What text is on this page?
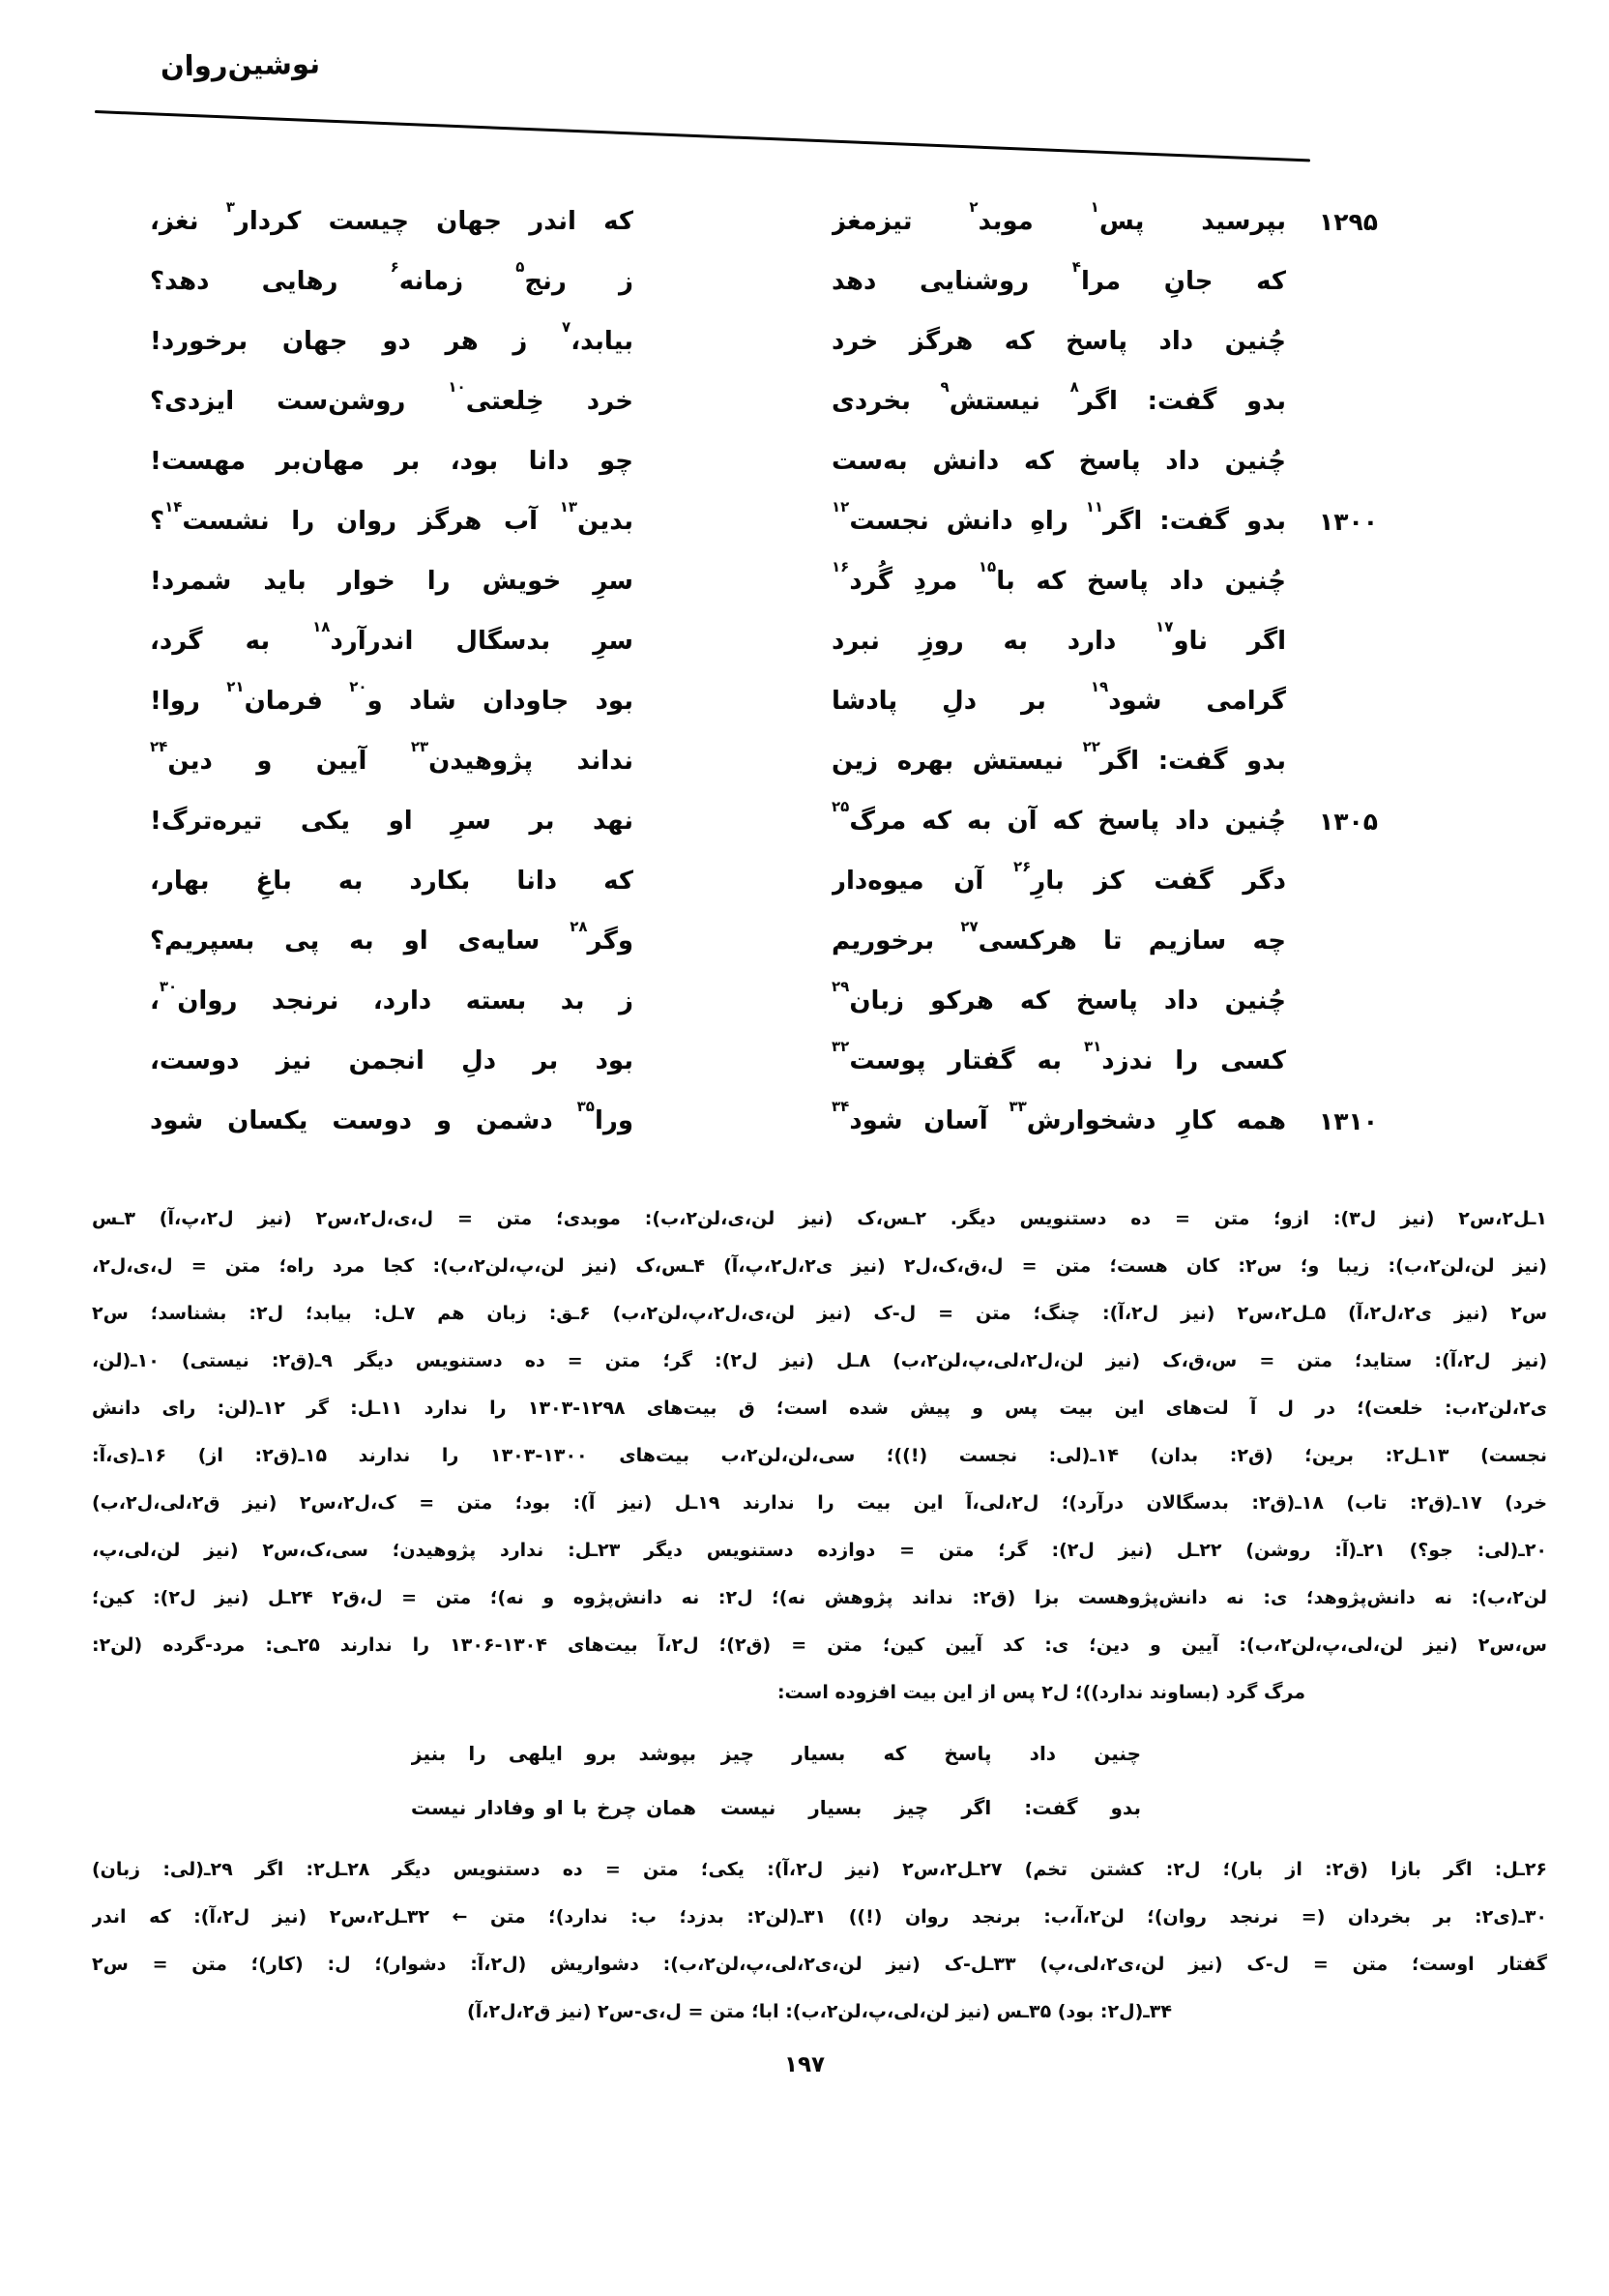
نوشین‌روان
۱۲۹۵
بپرسید پس$^۱$ موبد$^۲$ تیزمغز
که اندر جهان چیست کردار$^۳$ نغز،
که جانِ مرا$^۴$ روشنایی دهد
ز رنج$^۵$ زمانه$^۶$ رهایی دهد؟
چُنین داد پاسخ که هرگز خرد
بیابد،$^۷$ ز هر دو جهان برخورد!
بدو گفت: اگر$^۸$ نیستش$^۹$ بخردی
خرد خِلعتی$^{۱۰}$ روشن‌ست ایزدی؟
چُنین داد پاسخ که دانش به‌ست
چو دانا بود، بر مهان‌بر مهست!
۱۳۰۰
بدو گفت: اگر$^{۱۱}$ راهِ دانش نجست$^{۱۲}$
بدین$^{۱۳}$ آب هرگز روان را نشست$^{۱۴}$؟
چُنین داد پاسخ که با$^{۱۵}$ مردِ گُرد$^{۱۶}$
سرِ خویش را خوار باید شمرد!
اگر ناو$^{۱۷}$ دارد به روزِ نبرد
سرِ بدسگال اندرآرد$^{۱۸}$ به گرد،
گرامی شود$^{۱۹}$ بر دلِ پادشا
بود جاودان شاد و$^{۲۰}$ فرمان$^{۲۱}$ روا!
بدو گفت: اگر$^{۲۲}$ نیستش بهره زین
نداند پژوهیدن$^{۲۳}$ آیین و دین$^{۲۴}$
۱۳۰۵
چُنین داد پاسخ که آن به که مرگ$^{۲۵}$
نهد بر سرِ او یکی تیره‌ترگ!
دگر گفت کز بارِ$^{۲۶}$ آن میوه‌دار
که دانا بکارد به باغِ بهار،
چه سازیم تا هرکسی$^{۲۷}$ برخوریم
وگر$^{۲۸}$ سایه‌ی او به پی بسپریم؟
چُنین داد پاسخ که هرکو زبان$^{۲۹}$
ز بد بسته دارد، نرنجد روان$^{۳۰}$،
کسی را ندزد$^{۳۱}$ به گفتار پوست$^{۳۲}$
بود بر دلِ انجمن نیز دوست،
۱۳۱۰
همه کارِ دشخوارش$^{۳۳}$ آسان شود$^{۳۴}$
ورا$^{۳۵}$ دشمن و دوست یکسان شود
۱ـل۲،س۲ (نیز ل۳): ازو؛ متن = ده دستنویس دیگر. ۲ـس،ک (نیز لن،ی،لن۲،ب): موبدی؛ متن = ل،ی،ل۲،س۲ (نیز ل۲،پ،آ) ۳ـس
(نیز لن،لن۲،ب): زیبا و؛ س۲: کان هست؛ متن = ل،ق،ک،ل۲ (نیز ی۲،ل۲،پ،آ) ۴ـس،ک (نیز لن،پ،لن۲،ب): کجا مرد راه؛ متن = ل،ی،ل۲،
س۲ (نیز ی۲،ل۲،آ) ۵ـل۲،س۲ (نیز ل۲،آ): چنگ؛ متن = ل-ک (نیز لن،ی،ل۲،پ،لن۲،ب) ۶ـق: زبان هم ۷ـل: بیابد؛ ل۲: بشناسد؛ س۲
(نیز ل۲،آ): ستاید؛ متن = س،ق،ک (نیز لن،ل۲،لی،پ،لن۲،ب) ۸ـل (نیز ل۲): گر؛ متن = ده دستنویس دیگر ۹ـ(ق۲: نیستی) ۱۰ـ(لن،
ی۲،لن۲،ب: خلعت)؛ در ل آ لت‌های این بیت پس و پیش شده است؛ ق بیت‌های ۱۲۹۸-۱۳۰۳ را ندارد ۱۱ـل: گر ۱۲ـ(لن: رای دانش
نجست) ۱۳ـل۲: برین؛ (ق۲: بدان) ۱۴ـ(لی: نجست (!))؛ سی،لن،لن۲،ب بیت‌های ۱۳۰۰-۱۳۰۳ را ندارند ۱۵ـ(ق۲: از) ۱۶ـ(ی،آ:
خرد) ۱۷ـ(ق۲: تاب) ۱۸ـ(ق۲: بدسگالان درآرد)؛ ل۲،لی،آ این بیت را ندارند ۱۹ـل (نیز آ): بود؛ متن = ک،ل۲،س۲ (نیز ق۲،لی،ل۲،ب)
۲۰ـ(لی: جو؟) ۲۱ـ(آ: روشن) ۲۲ـل (نیز ل۲): گر؛ متن = دوازده دستنویس دیگر ۲۳ـل: ندارد پژوهیدن؛ سی،ک،س۲ (نیز لن،لی،پ،
لن۲،ب): نه دانش‌پژوهد؛ ی: نه دانش‌پژوهست بزا (ق۲: نداند پژوهش نه)؛ ل۲: نه دانش‌پژوه و نه)؛ متن = ل،ق۲ ۲۴ـل (نیز ل۲): کین؛
س،س۲ (نیز لن،لی،پ،لن۲،ب): آیین و دین؛ ی: کد آیین کین؛ متن = (ق۲)؛ ل۲،آ بیت‌های ۱۳۰۴-۱۳۰۶ را ندارند ۲۵ـی: مرد-گرده (لن۲:
مرگ گرد (بساوند ندارد))؛ ل۲ پس از این بیت افزوده است:
چنین داد پاسخ که بسیار چیز
بپوشد برو ایلهی را بنیز
بدو گفت: اگر چیز بسیار نیست
همان چرخ با او وفادار نیست
۲۶ـل: اگر بازا (ق۲: از بار)؛ ل۲: کشتن تخم) ۲۷ـل۲،س۲ (نیز ل۲،آ): یکی؛ متن = ده دستنویس دیگر ۲۸ـل۲: اگر ۲۹ـ(لی: زبان)
۳۰ـ(ی۲: بر بخردان (= نرنجد روان)؛ لن۲،آ،ب: برنجد روان (!)) ۳۱ـ(لن۲: بدزد؛ ب: ندارد)؛ متن ← ۳۲ـل۲،س۲ (نیز ل۲،آ): که اندر
گفتار اوست؛ متن = ل-ک (نیز لن،ی۲،لی،پ) ۳۳ـل-ک (نیز لن،ی۲،لی،پ،لن۲،ب): دشواریش (ل۲،آ: دشوار)؛ ل: (کار)؛ متن = س۲
۳۴ـ(ل۲: بود) ۳۵ـس (نیز لن،لی،پ،لن۲،ب): ابا؛ متن = ل،ی-س۲ (نیز ق۲،ل۲،آ)
۱۹۷
